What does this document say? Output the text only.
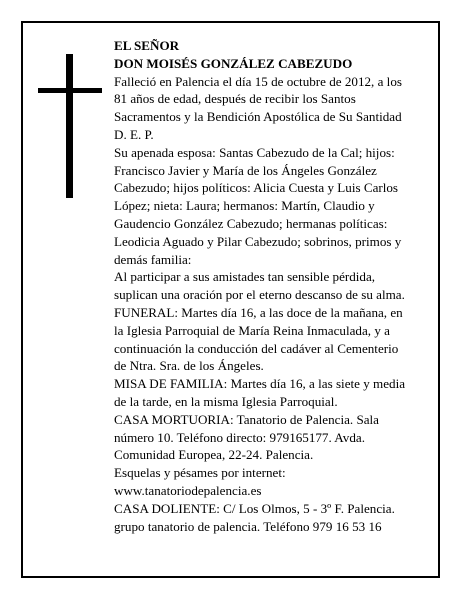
EL SEÑOR
DON MOISÉS GONZÁLEZ CABEZUDO
Falleció en Palencia el día 15 de octubre de 2012, a los
81 años de edad, después de recibir los Santos
Sacramentos y la Bendición Apostólica de Su Santidad
D. E. P.
Su apenada esposa: Santas Cabezudo de la Cal; hijos:
Francisco Javier y María de los Ángeles González
Cabezudo; hijos políticos: Alicia Cuesta y Luis Carlos
López; nieta: Laura; hermanos: Martín, Claudio y
Gaudencio González Cabezudo; hermanas políticas:
Leodicia Aguado y Pilar Cabezudo; sobrinos, primos y
demás familia:
Al participar a sus amistades tan sensible pérdida,
suplican una oración por el eterno descanso de su alma.
FUNERAL: Martes día 16, a las doce de la mañana, en
la Iglesia Parroquial de María Reina Inmaculada, y a
continuación la conducción del cadáver al Cementerio
de Ntra. Sra. de los Ángeles.
MISA DE FAMILIA: Martes día 16, a las siete y media
de la tarde, en la misma Iglesia Parroquial.
CASA MORTUORIA: Tanatorio de Palencia. Sala
número 10. Teléfono directo: 979165177. Avda.
Comunidad Europea, 22-24. Palencia.
Esquelas y pésames por internet:
www.tanatoriodepalencia.es
CASA DOLIENTE: C/ Los Olmos, 5 - 3º F. Palencia.
grupo tanatorio de palencia. Teléfono 979 16 53 16
